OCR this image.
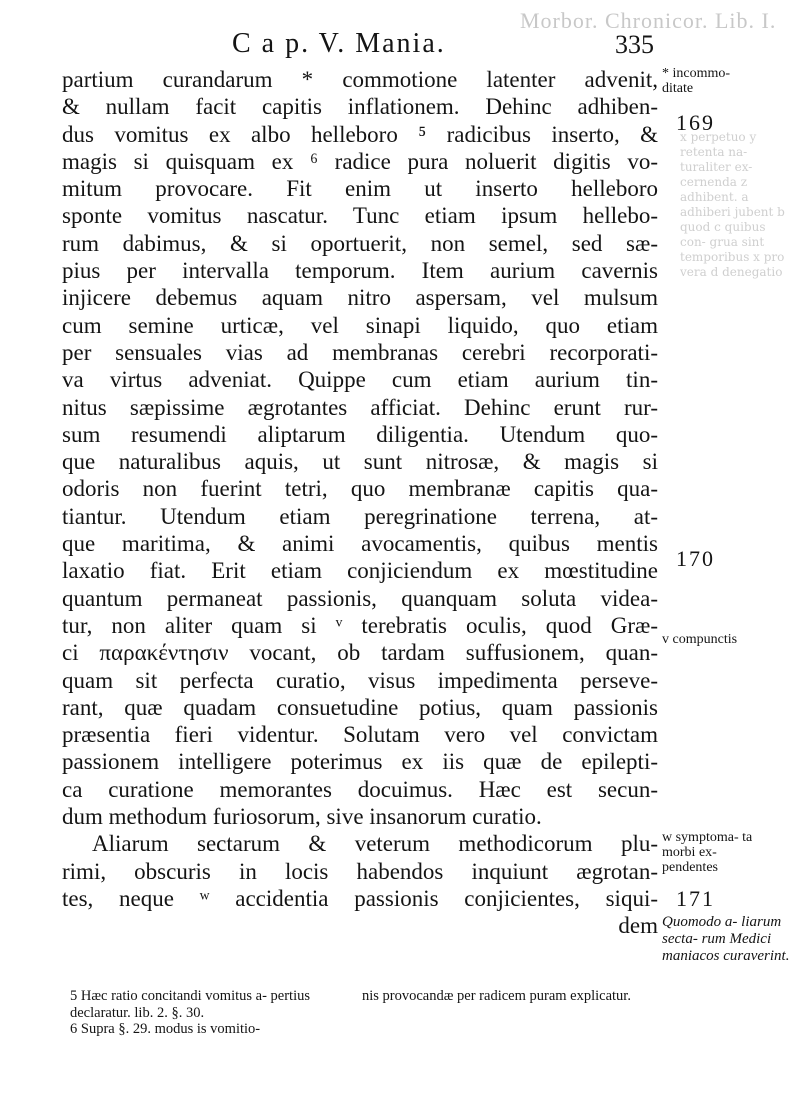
Morbor. Chronicor. Lib. I.
x perpetuo y retenta na- turaliter ex- cernenda z adhibent. a adhiberi jubent b quod c quibus con- grua sint temporibus x pro vera d denegatio
C a p. V. Mania.	335
partium curandarum * commotione latenter advenit,
& nullam facit capitis inflationem. Dehinc adhiben-
dus vomitus ex albo helleboro ⁵ radicibus inserto, &
magis si quisquam ex ⁶ radice pura noluerit digitis vo-
mitum provocare. Fit enim ut inserto helleboro
sponte vomitus nascatur. Tunc etiam ipsum hellebo-
rum dabimus, & si oportuerit, non semel, sed sæ-
pius per intervalla temporum. Item aurium cavernis
injicere debemus aquam nitro aspersam, vel mulsum
cum semine urticæ, vel sinapi liquido, quo etiam
per sensuales vias ad membranas cerebri recorporati-
va virtus adveniat. Quippe cum etiam aurium tin-
nitus sæpissime ægrotantes afficiat. Dehinc erunt rur-
sum resumendi aliptarum diligentia. Utendum quo-
que naturalibus aquis, ut sunt nitrosæ, & magis si
odoris non fuerint tetri, quo membranæ capitis qua-
tiantur. Utendum etiam peregrinatione terrena, at-
que maritima, & animi avocamentis, quibus mentis
laxatio fiat. Erit etiam conjiciendum ex mœstitudine
quantum permaneat passionis, quanquam soluta videa-
tur, non aliter quam si ᵛ terebratis oculis, quod Græ-
ci παρακέντησιν vocant, ob tardam suffusionem, quan-
quam sit perfecta curatio, visus impedimenta perseve-
rant, quæ quadam consuetudine potius, quam passionis
præsentia fieri videntur. Solutam vero vel convictam
passionem intelligere poterimus ex iis quæ de epilepti-
ca curatione memorantes docuimus. Hæc est secun-
dum methodum furiosorum, sive insanorum curatio.
Aliarum sectarum & veterum methodicorum plu-
rimi, obscuris in locis habendos inquiunt ægrotan-
tes, neque ʷ accidentia passionis conjicientes, siqui-
dem
* incommo- ditate
169
170
v compunctis
w symptoma- ta morbi ex- pendentes
171
Quomodo a- liarum secta- rum Medici maniacos curaverint.
5 Hæc ratio concitandi vomitus a- pertius declaratur. lib. 2. §. 30.
6 Supra §. 29. modus is vomitio-
nis provocandæ per radicem puram explicatur.
